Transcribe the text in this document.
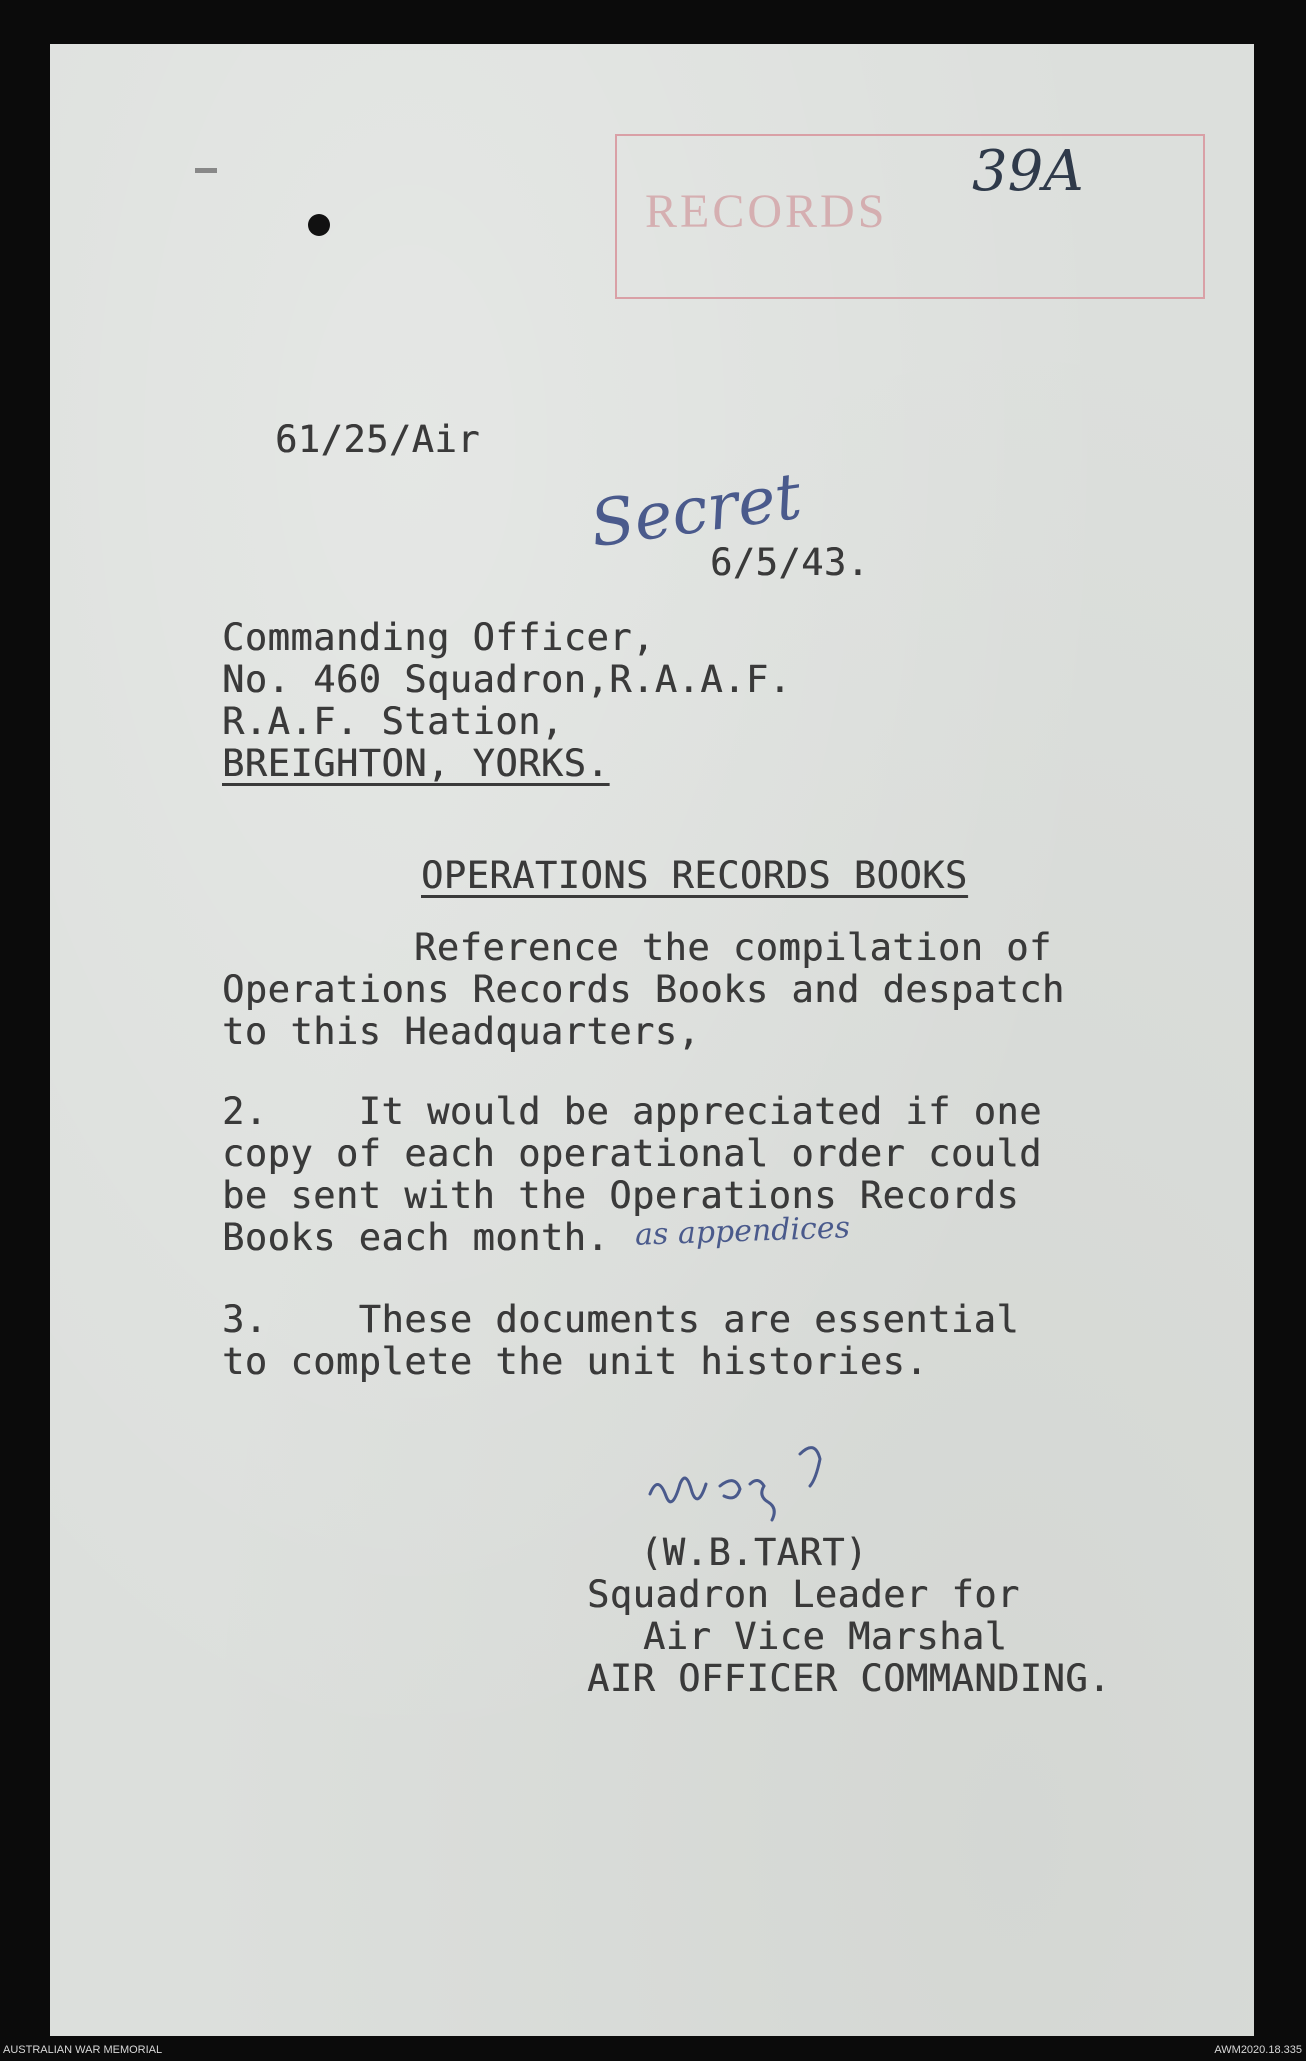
RECORDS
39A
61/25/Air
Secret
6/5/43.
Commanding Officer,
No. 460 Squadron,R.A.A.F.
R.A.F. Station,
BREIGHTON, YORKS.
OPERATIONS RECORDS BOOKS
Reference the compilation of
Operations Records Books and despatch
to this Headquarters,
2.    It would be appreciated if one
copy of each operational order could
be sent with the Operations Records
Books each month. as appendices
3.    These documents are essential
to complete the unit histories.
(W.B.TART)
Squadron Leader for
Air Vice Marshal
AIR OFFICER COMMANDING.
AUSTRALIAN WAR MEMORIAL	AWM2020.18.335
